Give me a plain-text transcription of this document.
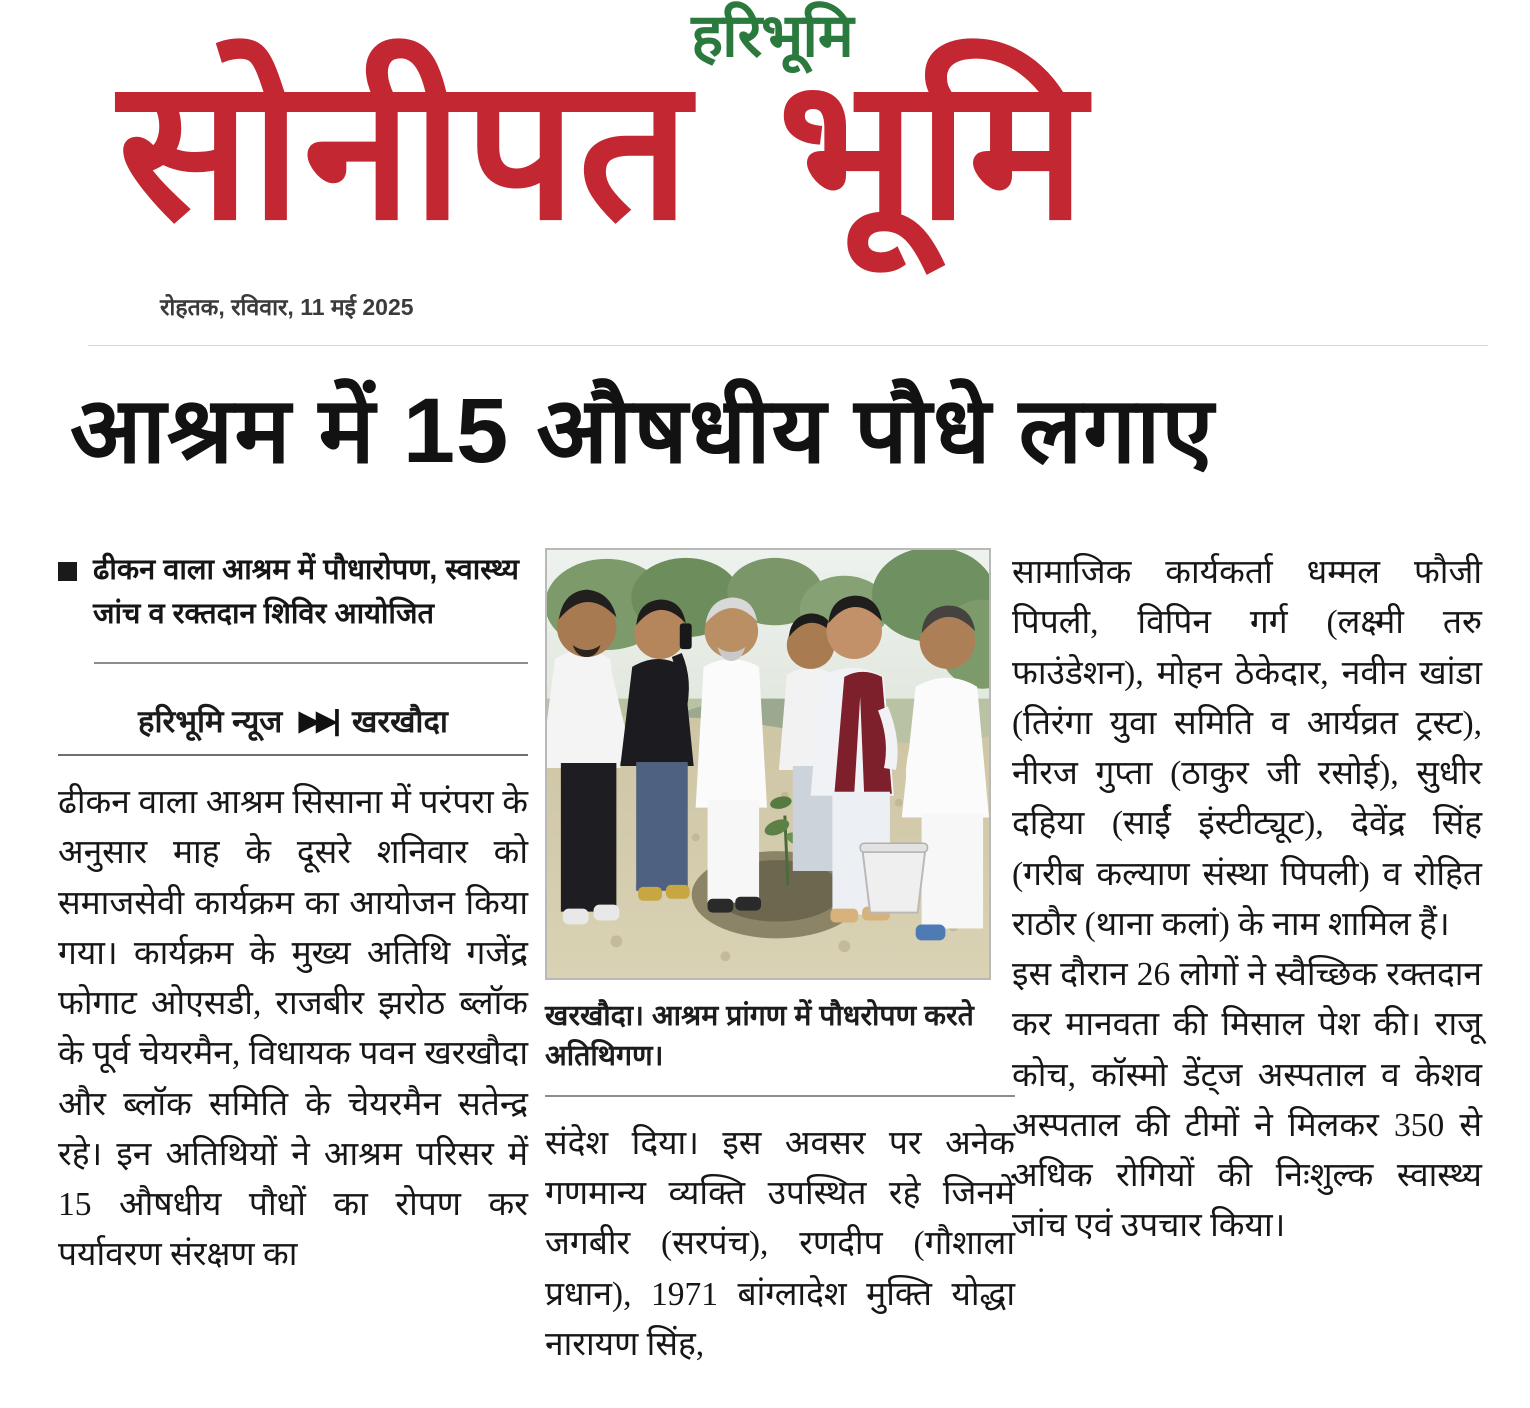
हरिभूमि
सोनीपत भूमि
रोहतक, रविवार, 11 मई 2025
आश्रम में 15 औषधीय पौधे लगाए
ढीकन वाला आश्रम में पौधारोपण, स्वास्थ्य जांच व रक्तदान शिविर आयोजित
हरिभूमि न्यूज ▶▶| खरखौदा
ढीकन वाला आश्रम सिसाना में परंपरा के अनुसार माह के दूसरे शनिवार को समाजसेवी कार्यक्रम का आयोजन किया गया। कार्यक्रम के मुख्य अतिथि गजेंद्र फोगाट ओएसडी, राजबीर झरोठ ब्लॉक के पूर्व चेयरमैन, विधायक पवन खरखौदा और ब्लॉक समिति के चेयरमैन सतेन्द्र रहे। इन अतिथियों ने आश्रम परिसर में 15 औषधीय पौधों का रोपण कर पर्यावरण संरक्षण का
खरखौदा। आश्रम प्रांगण में पौधरोपण करते अतिथिगण।
संदेश दिया। इस अवसर पर अनेक गणमान्य व्यक्ति उपस्थित रहे जिनमें जगबीर (सरपंच), रणदीप (गौशाला प्रधान), 1971 बांग्लादेश मुक्ति योद्धा नारायण सिंह,
सामाजिक कार्यकर्ता धम्मल फौजी पिपली, विपिन गर्ग (लक्ष्मी तरु फाउंडेशन), मोहन ठेकेदार, नवीन खांडा (तिरंगा युवा समिति व आर्यव्रत ट्रस्ट), नीरज गुप्ता (ठाकुर जी रसोई), सुधीर दहिया (साईं इंस्टीट्यूट), देवेंद्र सिंह (गरीब कल्याण संस्था पिपली) व रोहित राठौर (थाना कलां) के नाम शामिल हैं।
इस दौरान 26 लोगों ने स्वैच्छिक रक्तदान कर मानवता की मिसाल पेश की। राजू कोच, कॉस्मो डेंट्ज अस्पताल व केशव अस्पताल की टीमों ने मिलकर 350 से अधिक रोगियों की निःशुल्क स्वास्थ्य जांच एवं उपचार किया।
